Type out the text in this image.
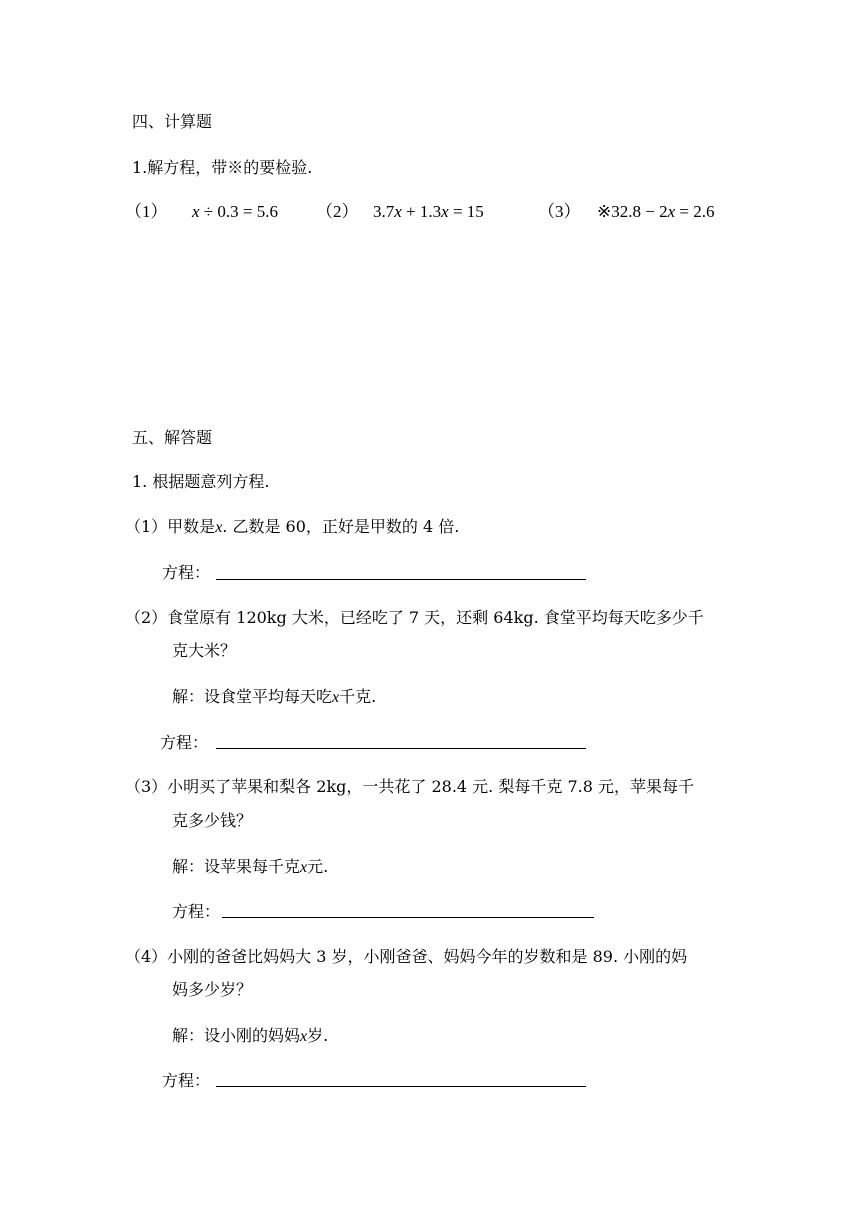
四、计算题
1.解方程，带※的要检验.
（1） x ÷ 0.3 = 5.6 （2） 3.7x + 1.3x = 15	（3） ※32.8 − 2x = 2.6
五、解答题
1. 根据题意列方程.
（1）甲数是x. 乙数是 60，正好是甲数的 4 倍.
方程：
（2）食堂原有 120kg 大米，已经吃了 7 天，还剩 64kg. 食堂平均每天吃多少千
克大米？
解：设食堂平均每天吃x千克.
方程：
（3）小明买了苹果和梨各 2kg，一共花了 28.4 元. 梨每千克 7.8 元，苹果每千
克多少钱？
解：设苹果每千克x元.
方程：
（4）小刚的爸爸比妈妈大 3 岁，小刚爸爸、妈妈今年的岁数和是 89. 小刚的妈
妈多少岁？
解：设小刚的妈妈x岁.
方程：
